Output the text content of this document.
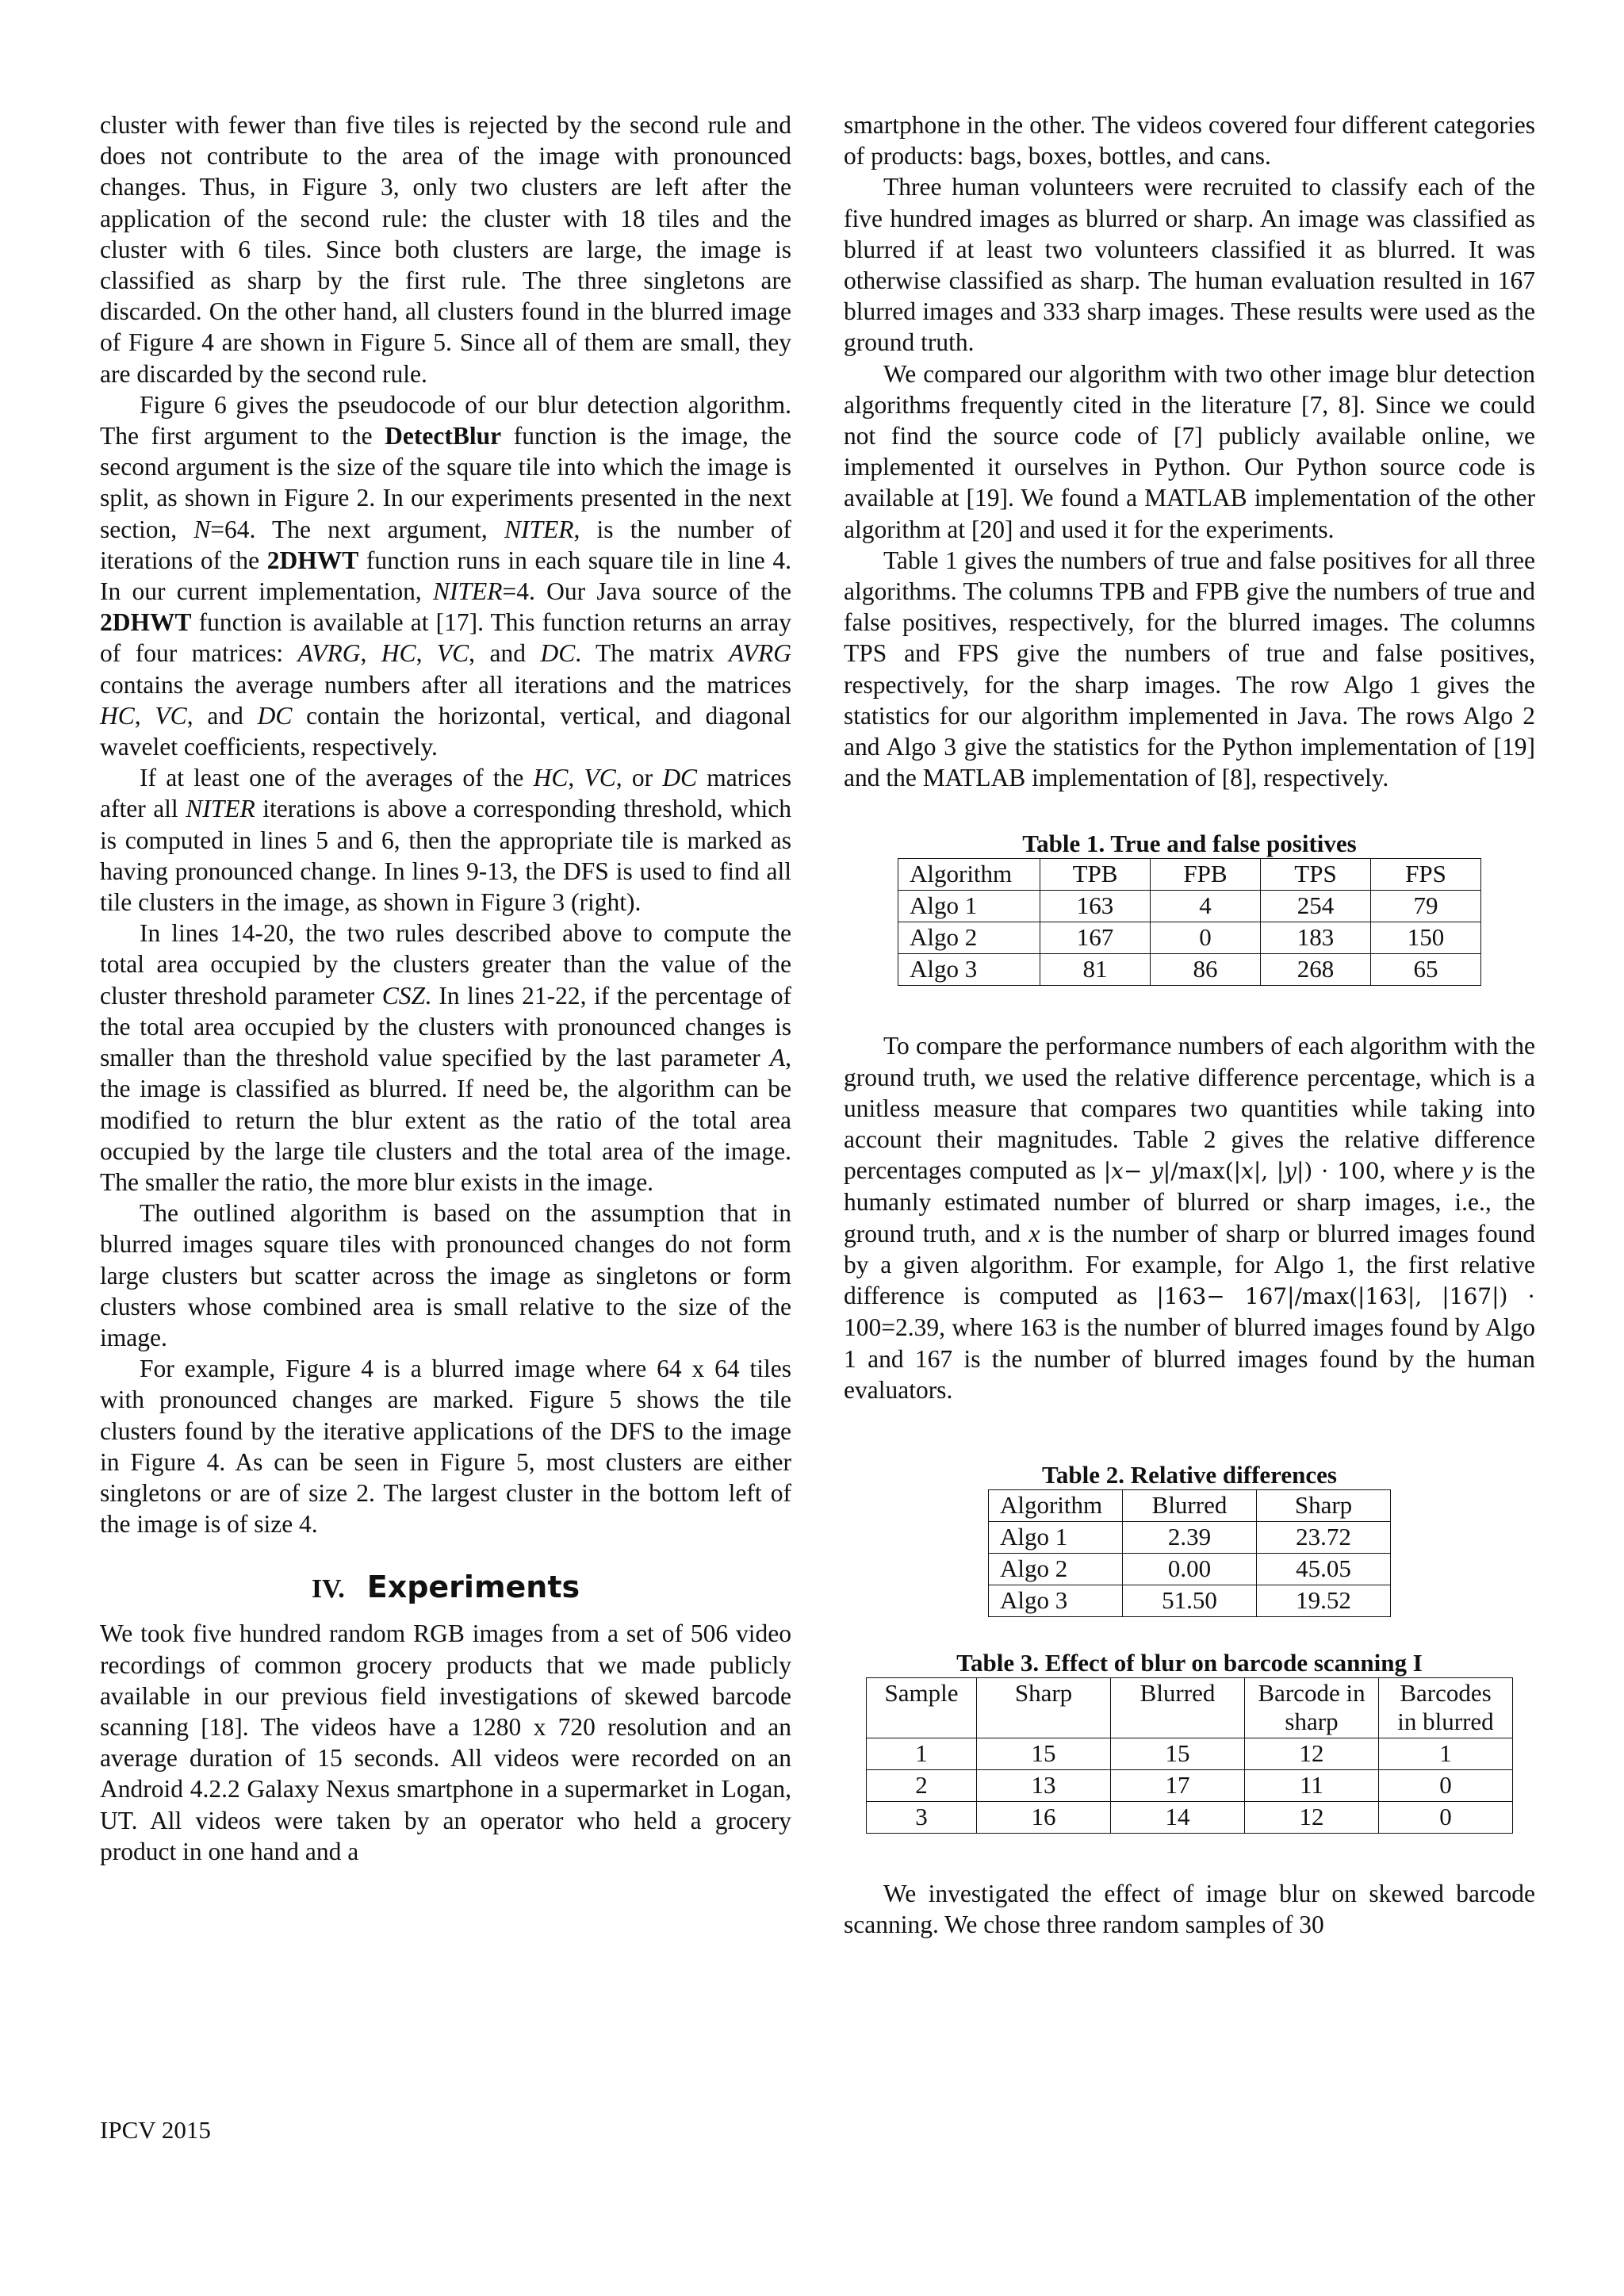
cluster with fewer than five tiles is rejected by the second rule and does not contribute to the area of the image with pronounced changes. Thus, in Figure 3, only two clusters are left after the application of the second rule: the cluster with 18 tiles and the cluster with 6 tiles. Since both clusters are large, the image is classified as sharp by the first rule. The three singletons are discarded. On the other hand, all clusters found in the blurred image of Figure 4 are shown in Figure 5. Since all of them are small, they are discarded by the second rule.

Figure 6 gives the pseudocode of our blur detection algorithm. The first argument to the DetectBlur function is the image, the second argument is the size of the square tile into which the image is split, as shown in Figure 2. In our experiments presented in the next section, N=64. The next argument, NITER, is the number of iterations of the 2DHWT function runs in each square tile in line 4. In our current implementation, NITER=4. Our Java source of the 2DHWT function is available at [17]. This function returns an array of four matrices: AVRG, HC, VC, and DC. The matrix AVRG contains the average numbers after all iterations and the matrices HC, VC, and DC contain the horizontal, vertical, and diagonal wavelet coefficients, respectively.

If at least one of the averages of the HC, VC, or DC matrices after all NITER iterations is above a corresponding threshold, which is computed in lines 5 and 6, then the appropriate tile is marked as having pronounced change. In lines 9-13, the DFS is used to find all tile clusters in the image, as shown in Figure 3 (right).

In lines 14-20, the two rules described above to compute the total area occupied by the clusters greater than the value of the cluster threshold parameter CSZ. In lines 21-22, if the percentage of the total area occupied by the clusters with pronounced changes is smaller than the threshold value specified by the last parameter A, the image is classified as blurred. If need be, the algorithm can be modified to return the blur extent as the ratio of the total area occupied by the large tile clusters and the total area of the image. The smaller the ratio, the more blur exists in the image.

The outlined algorithm is based on the assumption that in blurred images square tiles with pronounced changes do not form large clusters but scatter across the image as singletons or form clusters whose combined area is small relative to the size of the image.

For example, Figure 4 is a blurred image where 64 x 64 tiles with pronounced changes are marked. Figure 5 shows the tile clusters found by the iterative applications of the DFS to the image in Figure 4. As can be seen in Figure 5, most clusters are either singletons or are of size 2. The largest cluster in the bottom left of the image is of size 4.

IV. Experiments

We took five hundred random RGB images from a set of 506 video recordings of common grocery products that we made publicly available in our previous field investigations of skewed barcode scanning [18]. The videos have a 1280 x 720 resolution and an average duration of 15 seconds. All videos were recorded on an Android 4.2.2 Galaxy Nexus smartphone in a supermarket in Logan, UT. All videos were taken by an operator who held a grocery product in one hand and a

smartphone in the other. The videos covered four different categories of products: bags, boxes, bottles, and cans.

Three human volunteers were recruited to classify each of the five hundred images as blurred or sharp. An image was classified as blurred if at least two volunteers classified it as blurred. It was otherwise classified as sharp. The human evaluation resulted in 167 blurred images and 333 sharp images. These results were used as the ground truth.

We compared our algorithm with two other image blur detection algorithms frequently cited in the literature [7, 8]. Since we could not find the source code of [7] publicly available online, we implemented it ourselves in Python. Our Python source code is available at [19]. We found a MATLAB implementation of the other algorithm at [20] and used it for the experiments.

Table 1 gives the numbers of true and false positives for all three algorithms. The columns TPB and FPB give the numbers of true and false positives, respectively, for the blurred images. The columns TPS and FPS give the numbers of true and false positives, respectively, for the sharp images. The row Algo 1 gives the statistics for our algorithm implemented in Java. The rows Algo 2 and Algo 3 give the statistics for the Python implementation of [19] and the MATLAB implementation of [8], respectively.

Table 1. True and false positives
Algorithm	TPB	FPB	TPS	FPS
Algo 1	163	4	254	79
Algo 2	167	0	183	150
Algo 3	81	86	268	65

To compare the performance numbers of each algorithm with the ground truth, we used the relative difference percentage, which is a unitless measure that compares two quantities while taking into account their magnitudes. Table 2 gives the relative difference percentages computed as |𝑥− 𝑦|/max(|𝑥|, |𝑦|) ⋅ 100, where y is the humanly estimated number of blurred or sharp images, i.e., the ground truth, and x is the number of sharp or blurred images found by a given algorithm. For example, for Algo 1, the first relative difference is computed as |163− 167|/max(|163|, |167|) ⋅ 100=2.39, where 163 is the number of blurred images found by Algo 1 and 167 is the number of blurred images found by the human evaluators.

Table 2. Relative differences
Algorithm	Blurred	Sharp
Algo 1	2.39	23.72
Algo 2	0.00	45.05
Algo 3	51.50	19.52
Table 3. Effect of blur on barcode scanning I
Sample	Sharp	Blurred	Barcode in sharp	Barcodes in blurred
1	15	15	12	1
2	13	17	11	0
3	16	14	12	0

We investigated the effect of image blur on skewed barcode scanning. We chose three random samples of 30

IPCV 2015
